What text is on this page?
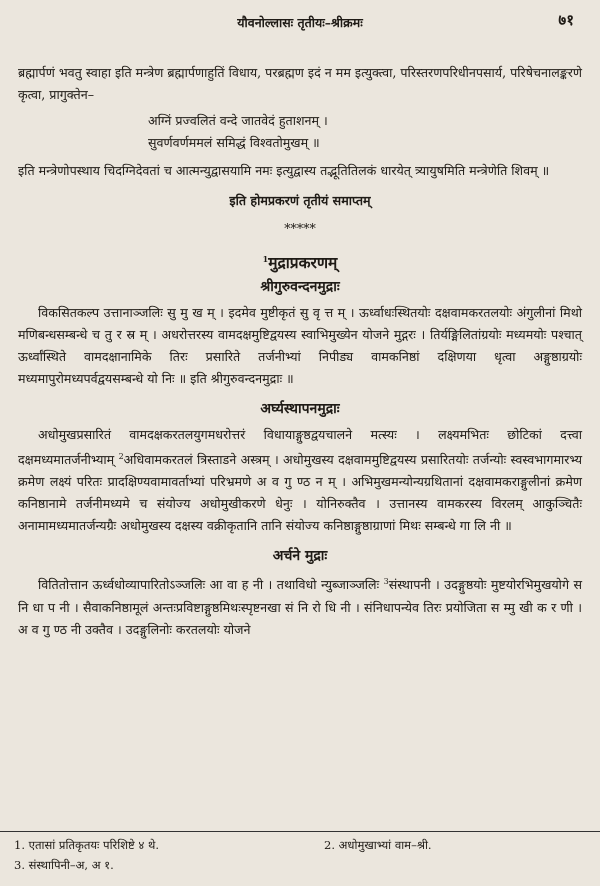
यौवनोल्लासः तृतीयः–श्रीक्रमः	७१

ब्रह्मार्पणं भवतु स्वाहा इति मन्त्रेण ब्रह्मार्पणाहुतिं विधाय, परब्रह्मण इदं न मम इत्युक्त्वा, परिस्तरणपरिधीनपसार्य, परिषेचनालङ्करणे कृत्वा, प्रागुक्तेन–

अग्निं प्रज्वलितं वन्दे जातवेदं हुताशनम् ।

सुवर्णवर्णममलं समिद्धं विश्वतोमुखम् ॥

इति मन्त्रेणोपस्थाय चिदग्निदेवतां च आत्मन्युद्वासयामि नमः इत्युद्वास्य तद्भूतितिलकं धारयेत् त्र्यायुषमिति मन्त्रेणेति शिवम् ॥

इति होमप्रकरणं तृतीयं समाप्तम्

*****

$^1$मुद्राप्रकरणम्

श्रीगुरुवन्दनमुद्राः

विकसितकल्प उत्तानाञ्जलिः सु मु ख म् । इदमेव मुष्टीकृतं सु वृ त्त म् । ऊर्ध्वाधःस्थितयोः दक्षवामकरतलयोः अंगुलीनां मिथो मणिबन्धसम्बन्धे च तु र स्र म् । अधरोत्तरस्य वामदक्षमुष्टिद्वयस्य स्वाभिमुख्येन योजने मुद्गरः । तिर्यङ्मिलितांग्रयोः मध्यमयोः पश्चात् ऊर्ध्वांस्थिते वामदक्षानामिके तिरः प्रसारिते तर्जनीभ्यां निपीड्य वामकनिष्ठां दक्षिणया धृत्वा अङ्गुष्ठाग्रयोः मध्यमापुरोमध्यपर्वद्वयसम्बन्धे यो निः ॥ इति श्रीगुरुवन्दनमुद्राः ॥

अर्घ्यस्थापनमुद्राः

अधोमुखप्रसारितं वामदक्षकरतलयुगमधरोत्तरं विधायाङ्गुष्ठद्वयचालने मत्स्यः । लक्ष्यमभितः छोटिकां दत्त्वा दक्षमध्यमातर्जनीभ्याम् $^2$अधिवामकरतलं त्रिस्ताडने अस्त्रम् । अधोमुखस्य दक्षवाममुष्टिद्वयस्य प्रसारितयोः तर्जन्योः स्वस्वभागमारभ्य क्रमेण लक्ष्यं परितः प्रादक्षिण्यवामावर्ताभ्यां परिभ्रमणे अ व गु ण्ठ न म् । अभिमुखमन्योन्यग्रथितानां दक्षवामकराङ्गुलीनां क्रमेण कनिष्ठानामे तर्जनीमध्यमे च संयोज्य अधोमुखीकरणे धेनुः । योनिरुक्तैव । उत्तानस्य वामकरस्य विरलम् आकुञ्चितैः अनामामध्यमातर्जन्यग्रैः अधोमुखस्य दक्षस्य वक्रीकृतानि तानि संयोज्य कनिष्ठाङ्गुष्ठाग्राणां मिथः सम्बन्धे गा लि नी ॥

अर्चने मुद्राः

वितितोत्तान ऊर्ध्वधोव्यापारितोऽञ्जलिः आ वा ह नी । तथाविधो न्युब्जाञ्जलिः $^3$संस्थापनी । उदङ्गुष्ठयोः मुष्टयोरभिमुखयोगे स नि धा प नी । सैवाकनिष्ठामूलं अन्तःप्रविष्टाङ्गुष्ठमिथःस्पृष्टनखा सं नि रो धि नी । संनिधापन्येव तिरः प्रयोजिता स म्मु खी क र णी । अ व गु ण्ठ नी उक्तैव । उदङ्गुलिनोः करतलयोः योजने

1. एतासां प्रतिकृतयः परिशिष्टे ४ थे.	2. अधोमुखाभ्यां वाम–श्री.
3. संस्थापिनी–अ, अ १.
